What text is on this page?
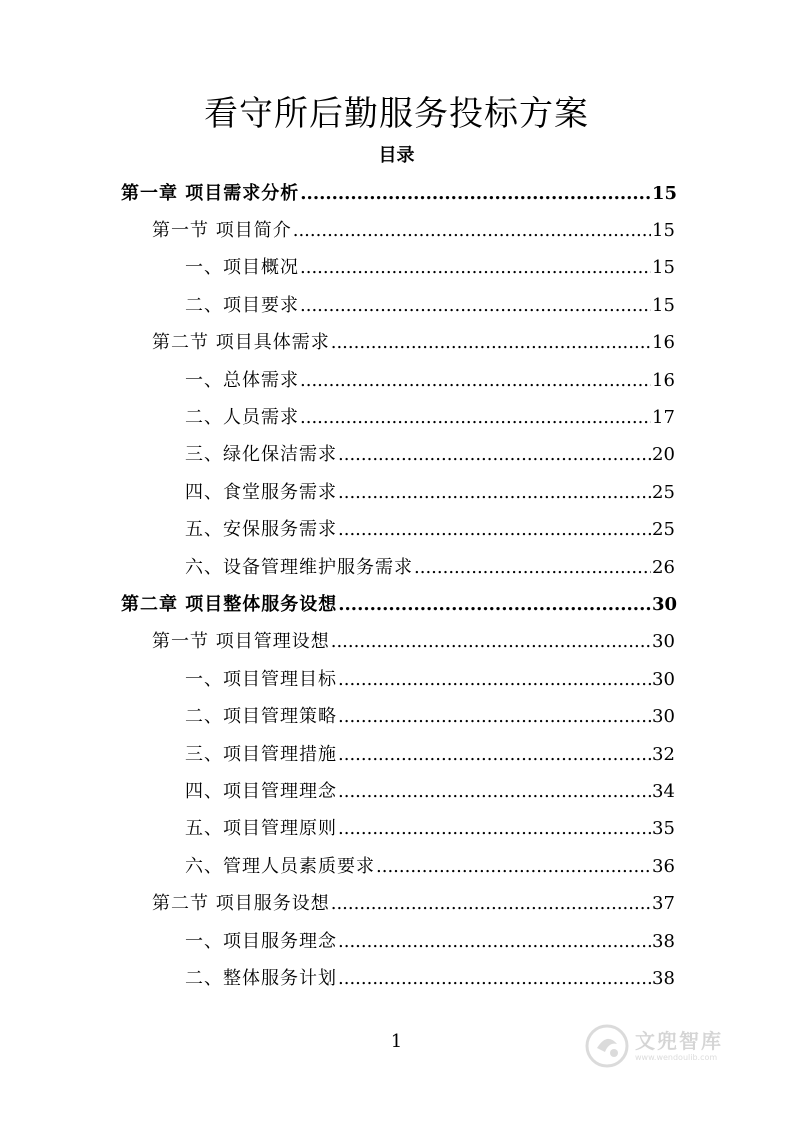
看守所后勤服务投标方案
目录
第一章 项目需求分析 .....	15
第一节 项目简介 .....	15
一、项目概况 .....	15
二、项目要求 .....	15
第二节 项目具体需求 .....	16
一、总体需求 .....	16
二、人员需求 .....	17
三、绿化保洁需求 .....	20
四、食堂服务需求 .....	25
五、安保服务需求 .....	25
六、设备管理维护服务需求 .....	26
第二章 项目整体服务设想 .....	30
第一节 项目管理设想 .....	30
一、项目管理目标 .....	30
二、项目管理策略 .....	30
三、项目管理措施 .....	32
四、项目管理理念 .....	34
五、项目管理原则 .....	35
六、管理人员素质要求 .....	36
第二节 项目服务设想 .....	37
一、项目服务理念 .....	38
二、整体服务计划 .....	38
1	文兜智库
www.wendoulib.com
